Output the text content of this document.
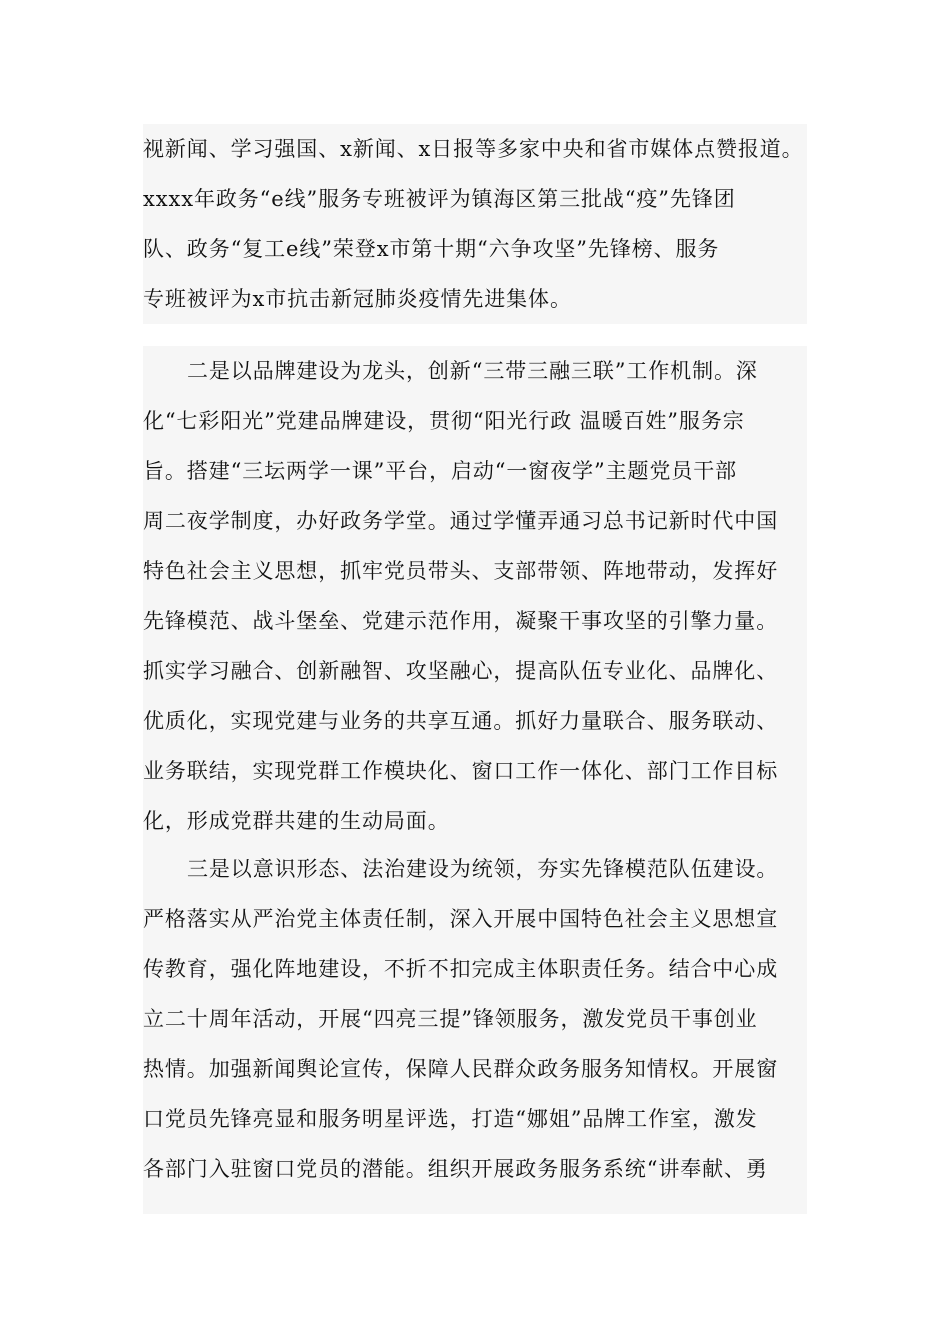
视新闻、学习强国、x新闻、x日报等多家中央和省市媒体点赞报道。
xxxx年政务“e线”服务专班被评为镇海区第三批战“疫”先锋团
队、政务“复工e线”荣登x市第十期“六争攻坚”先锋榜、服务
专班被评为x市抗击新冠肺炎疫情先进集体。
二是以品牌建设为龙头，创新“三带三融三联”工作机制。深
化“七彩阳光”党建品牌建设，贯彻“阳光行政 温暖百姓”服务宗
旨。搭建“三坛两学一课”平台，启动“一窗夜学”主题党员干部
周二夜学制度，办好政务学堂。通过学懂弄通习总书记新时代中国
特色社会主义思想，抓牢党员带头、支部带领、阵地带动，发挥好
先锋模范、战斗堡垒、党建示范作用，凝聚干事攻坚的引擎力量。
抓实学习融合、创新融智、攻坚融心，提高队伍专业化、品牌化、
优质化，实现党建与业务的共享互通。抓好力量联合、服务联动、
业务联结，实现党群工作模块化、窗口工作一体化、部门工作目标
化，形成党群共建的生动局面。
三是以意识形态、法治建设为统领，夯实先锋模范队伍建设。
严格落实从严治党主体责任制，深入开展中国特色社会主义思想宣
传教育，强化阵地建设，不折不扣完成主体职责任务。结合中心成
立二十周年活动，开展“四亮三提”锋领服务，激发党员干事创业
热情。加强新闻舆论宣传，保障人民群众政务服务知情权。开展窗
口党员先锋亮显和服务明星评选，打造“娜姐”品牌工作室，激发
各部门入驻窗口党员的潜能。组织开展政务服务系统“讲奉献、勇
